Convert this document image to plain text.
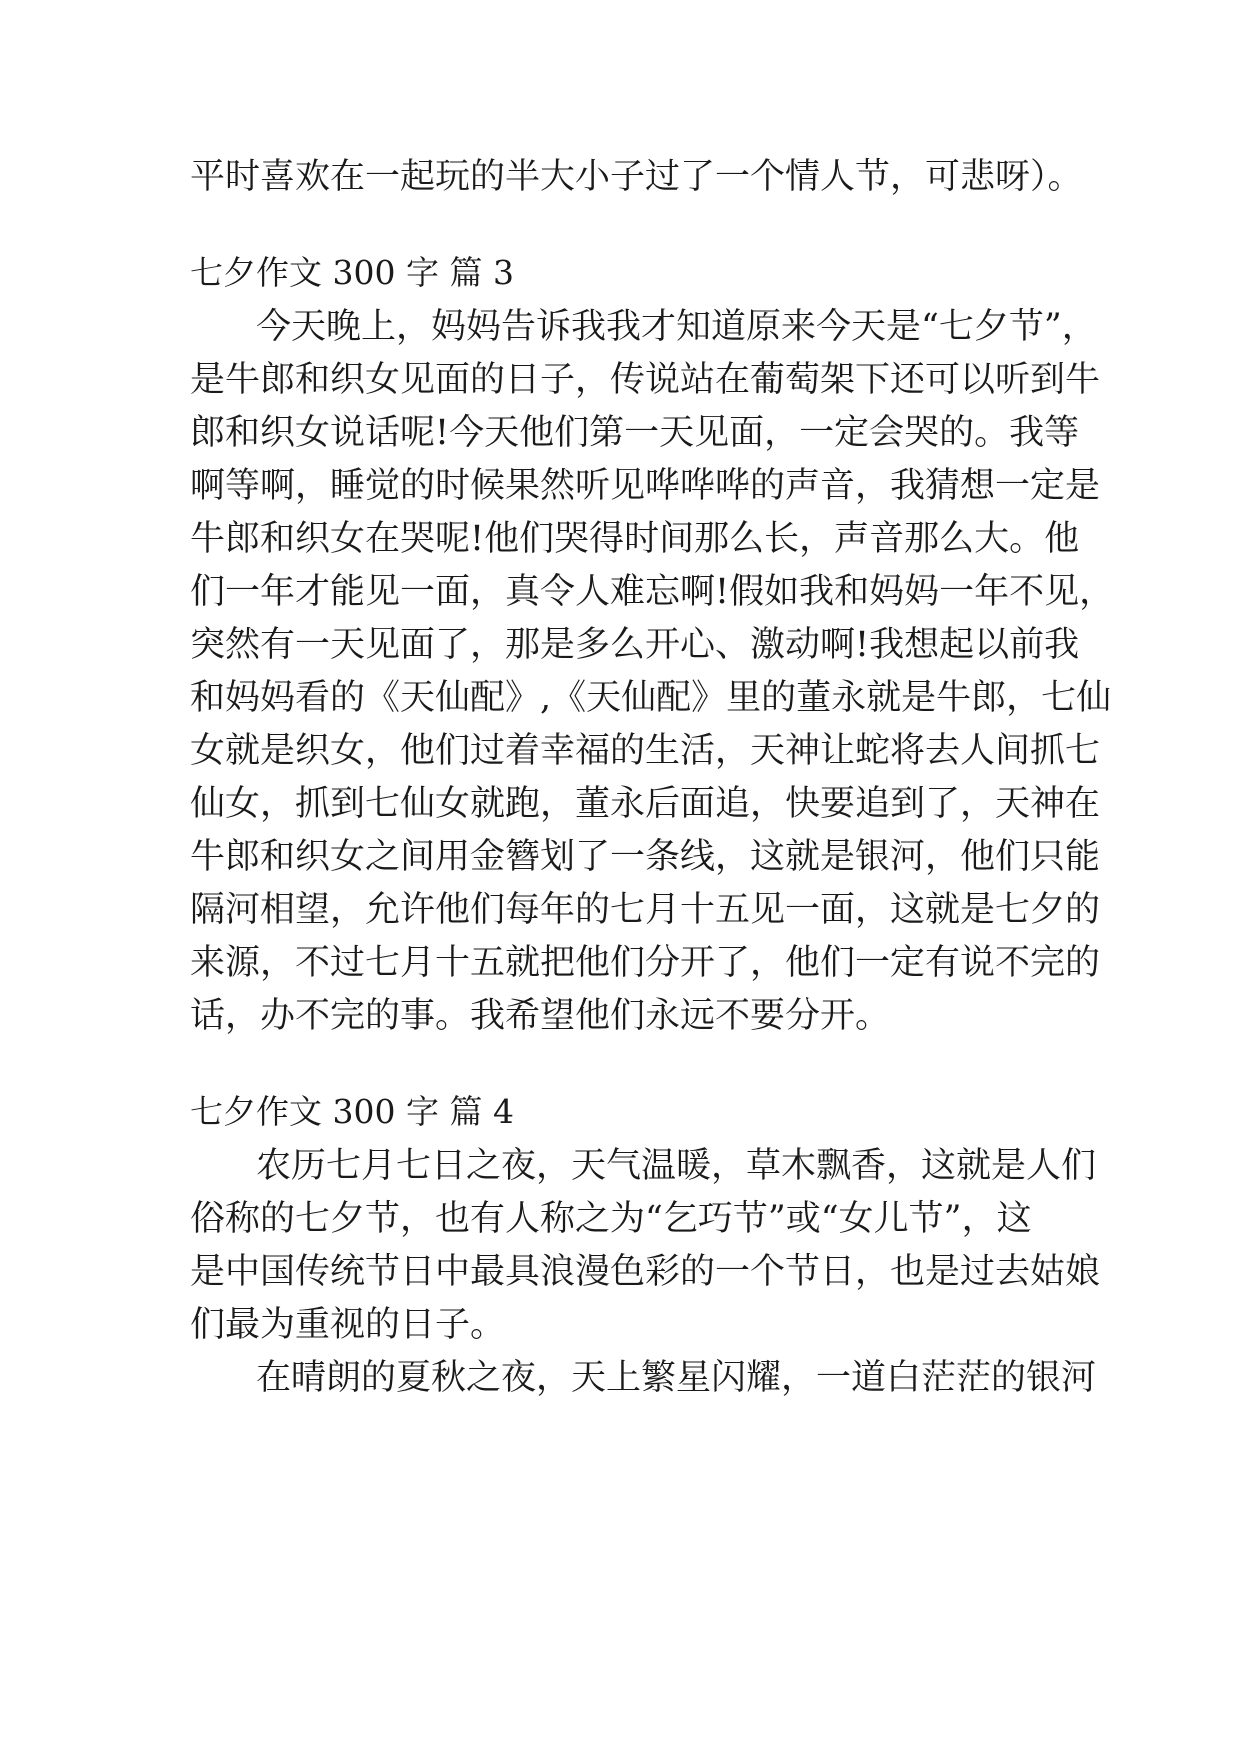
平时喜欢在一起玩的半大小子过了一个情人节，可悲呀）。
七夕作文 300 字 篇 3
今天晚上，妈妈告诉我我才知道原来今天是“七夕节”，
是牛郎和织女见面的日子，传说站在葡萄架下还可以听到牛
郎和织女说话呢!今天他们第一天见面，一定会哭的。我等
啊等啊，睡觉的时候果然听见哗哗哗的声音，我猜想一定是
牛郎和织女在哭呢!他们哭得时间那么长，声音那么大。他
们一年才能见一面，真令人难忘啊!假如我和妈妈一年不见，
突然有一天见面了，那是多么开心、激动啊!我想起以前我
和妈妈看的《天仙配》,《天仙配》里的董永就是牛郎，七仙
女就是织女，他们过着幸福的生活，天神让蛇将去人间抓七
仙女，抓到七仙女就跑，董永后面追，快要追到了，天神在
牛郎和织女之间用金簪划了一条线，这就是银河，他们只能
隔河相望，允许他们每年的七月十五见一面，这就是七夕的
来源，不过七月十五就把他们分开了，他们一定有说不完的
话，办不完的事。我希望他们永远不要分开。
七夕作文 300 字 篇 4
农历七月七日之夜，天气温暖，草木飘香，这就是人们
俗称的七夕节，也有人称之为“乞巧节”或“女儿节”，这
是中国传统节日中最具浪漫色彩的一个节日，也是过去姑娘
们最为重视的日子。
在晴朗的夏秋之夜，天上繁星闪耀，一道白茫茫的银河
